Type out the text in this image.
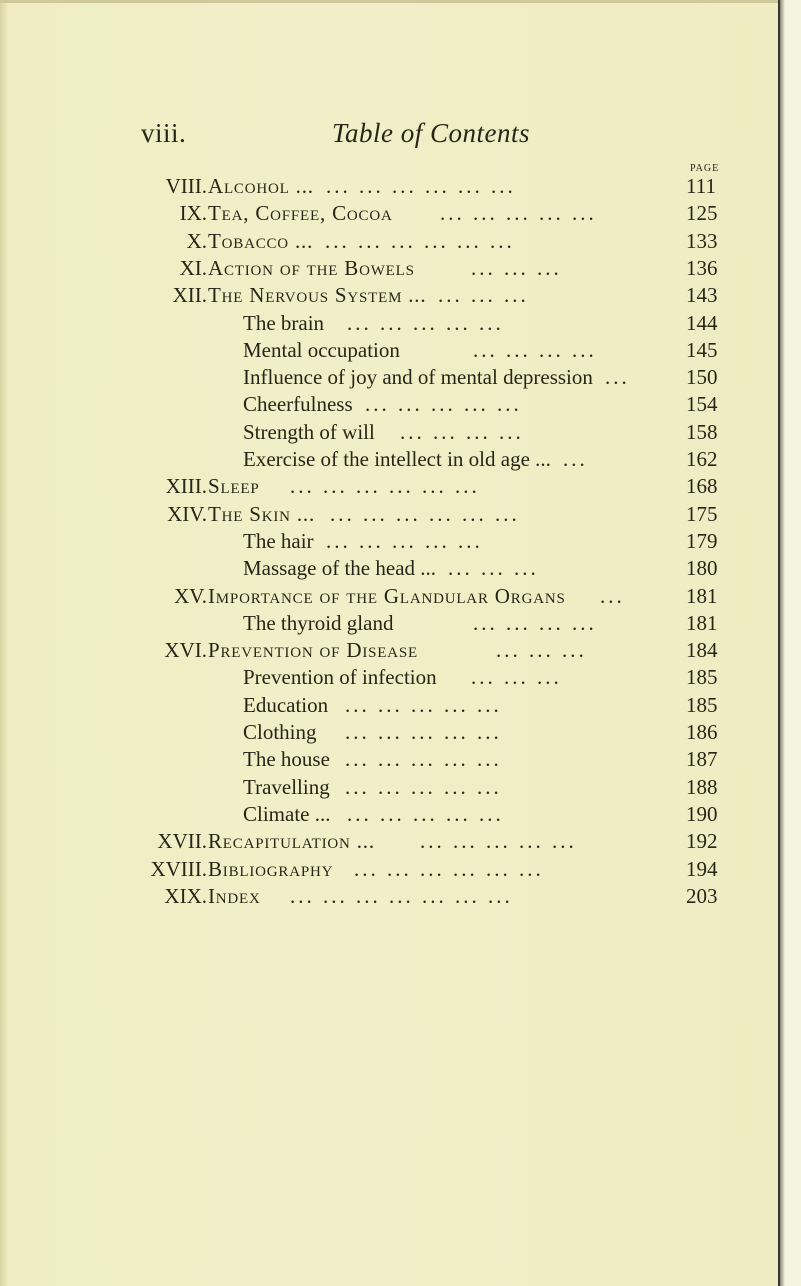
viii.	Table of Contents
PAGE
VIII. Alcohol ... ... ... ... ... ... ...	111
IX. Tea, Coffee, Cocoa ... ... ... ... ...	125
X. Tobacco ... ... ... ... ... ... ...	133
XI. Action of the Bowels	... ... ...	136
XII. The Nervous System ... ... ... ...	143
The brain ... ... ... ... ...	144
Mental occupation	... ... ... ...	145
Influence of joy and of mental depression ...	150
Cheerfulness ... ... ... ... ...	154
Strength of will ... ... ... ...	158
Exercise of the intellect in old age ... ...	162
XIII. Sleep ... ... ... ... ... ...	168
XIV. The Skin ... ... ... ... ... ... ...	175
The hair ... ... ... ... ...	179
Massage of the head ... ... ... ...	180
XV. Importance of the Glandular Organs ...	181
The thyroid gland	... ... ... ...	181
XVI. Prevention of Disease	... ... ...	184
Prevention of infection ... ... ...	185
Education ... ... ... ... ...	185
Clothing ... ... ... ... ...	186
The house ... ... ... ... ...	187
Travelling ... ... ... ... ...	188
Climate ... ... ... ... ... ...	190
XVII. Recapitulation ... ... ... ... ... ...	192
XVIII. Bibliography ... ... ... ... ... ...	194
XIX. Index ... ... ... ... ... ... ...	203
